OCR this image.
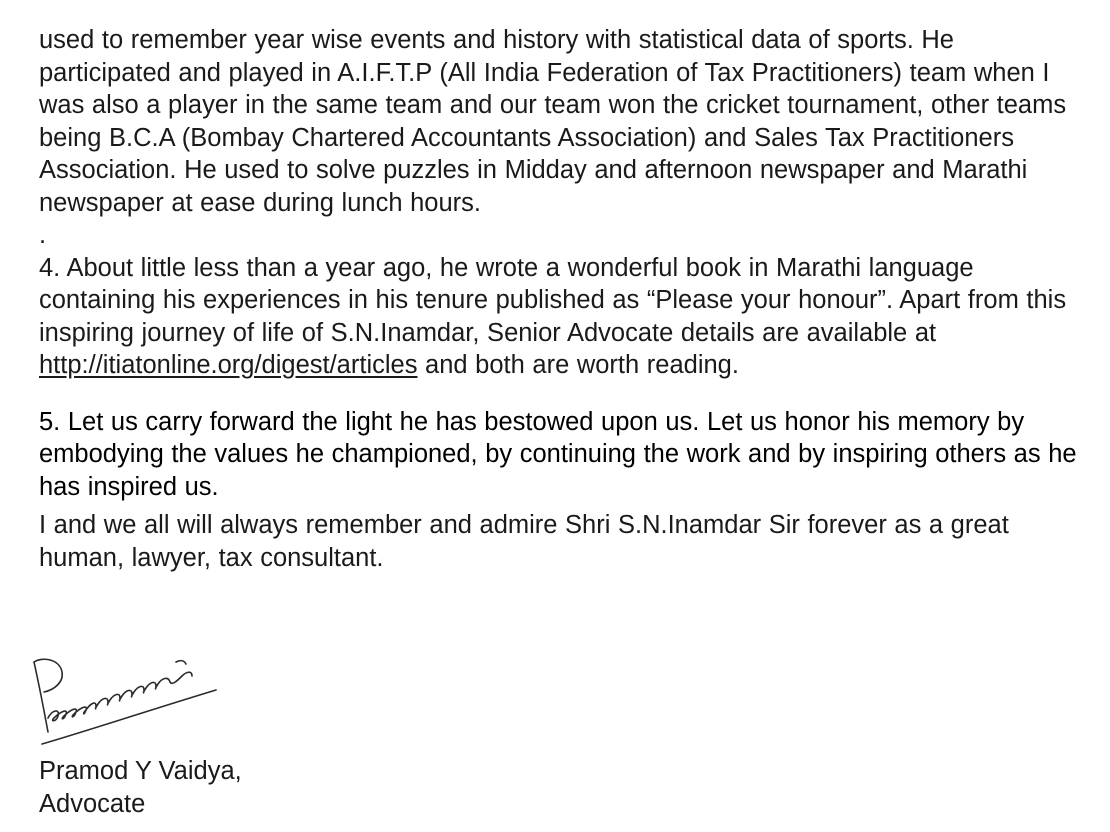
used to remember year wise events and history with statistical data of sports. He participated and played in A.I.F.T.P (All India Federation of Tax Practitioners) team when I was also a player in the same team and our team won the cricket tournament, other teams being B.C.A (Bombay Chartered Accountants Association) and Sales Tax Practitioners Association. He used to solve puzzles in Midday and afternoon newspaper and Marathi newspaper at ease during lunch hours.

.

4. About little less than a year ago, he wrote a wonderful book in Marathi language containing his experiences in his tenure published as “Please your honour”. Apart from this inspiring journey of life of S.N.Inamdar, Senior Advocate details are available at http://itiatonline.org/digest/articles and both are worth reading.

5. Let us carry forward the light he has bestowed upon us. Let us honor his memory by embodying the values he championed, by continuing the work and by inspiring others as he has inspired us.

I and we all will always remember and admire Shri S.N.Inamdar Sir forever as a great human, lawyer, tax consultant.

Pramod Y Vaidya,
Advocate
